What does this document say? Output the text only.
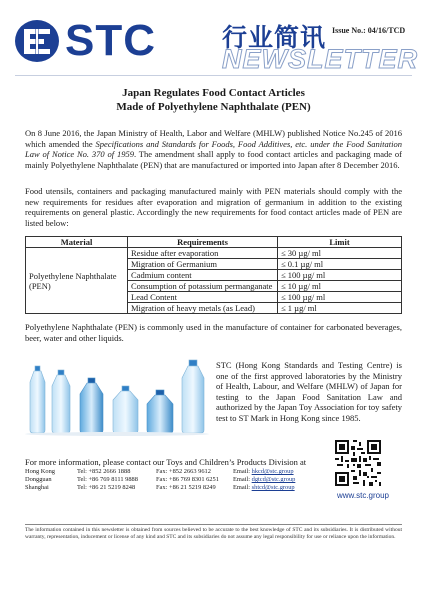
STC	行业简讯 Issue No.: 04/16/TCD
NEWSLETTER
Japan Regulates Food Contact Articles
Made of Polyethylene Naphthalate (PEN)

On 8 June 2016, the Japan Ministry of Health, Labor and Welfare (MHLW) published Notice No.245 of 2016 which amended the Specifications and Standards for Foods, Food Additives, etc. under the Food Sanitation Law of Notice No. 370 of 1959. The amendment shall apply to food contact articles and packaging made of mainly Polyethylene Naphthalate (PEN) that are manufactured or imported into Japan after 8 December 2016.

Food utensils, containers and packaging manufactured mainly with PEN materials should comply with the new requirements for residues after evaporation and migration of germanium in addition to the existing requirements on general plastic. Accordingly the new requirements for food contact articles made of PEN are listed below:

Material	Requirements	Limit
Polyethylene Naphthalate (PEN)	Residue after evaporation	≤ 30 µg/ ml
	Migration of Germanium	≤ 0.1 µg/ ml
	Cadmium content	≤ 100 µg/ ml
	Consumption of potassium permanganate	≤ 10 µg/ ml
	Lead Content	≤ 100 µg/ ml
	Migration of heavy metals (as Lead)	≤ 1 µg/ ml

Polyethylene Naphthalate (PEN) is commonly used in the manufacture of container for carbonated beverages, beer, water and other liquids.

STC (Hong Kong Standards and Testing Centre) is one of the first approved laboratories by the Ministry of Health, Labour, and Welfare (MHLW) of Japan for testing to the Japan Food Sanitation Law and authorized by the Japan Toy Association for toy safety test to ST Mark in Hong Kong since 1985.

For more information, please contact our Toys and Children’s Products Division at
Hong Kong	Tel: +852 2666 1888	Fax: +852 2663 9612	Email: hkcd@stc.group
Dongguan	Tel: +86 769 8111 9888	Fax: +86 769 8301 6251	Email: dgtcd@stc.group
Shanghai	Tel: +86 21 5219 8248	Fax: +86 21 5219 8249	Email: shtcd@stc.group
www.stc.group

The information contained in this newsletter is obtained from sources believed to be accurate to the best knowledge of STC and its subsidiaries. It is distributed without warranty, representation, inducement or license of any kind and STC and its subsidiaries do not assume any legal responsibility for use or reliance upon the information.
